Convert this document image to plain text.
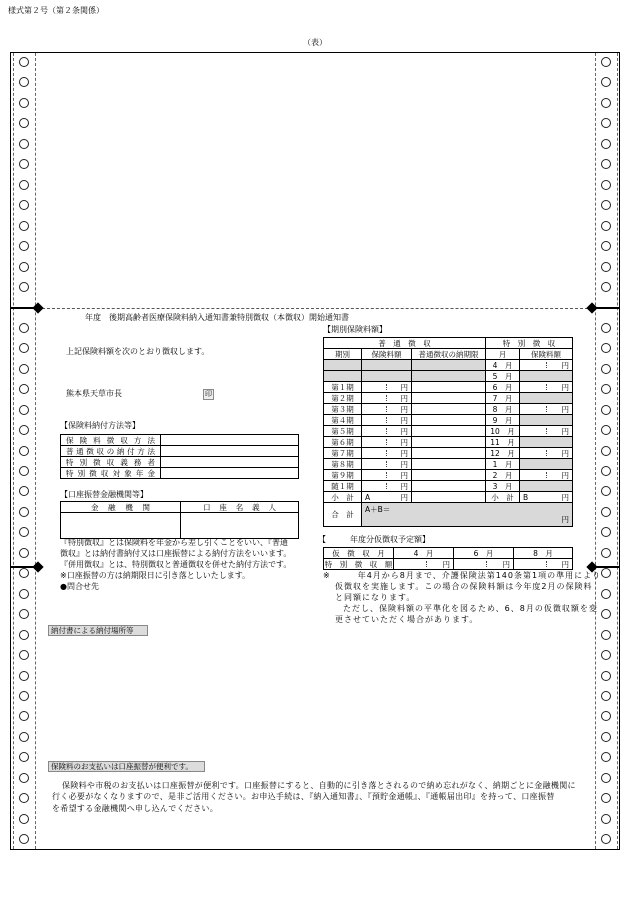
様式第２号（第２条関係）
（表）
年度　後期高齢者医療保険料納入通知書兼特別徴収（本徴収）開始通知書
上記保険料額を次のとおり徴収します。
熊本県天草市長	印
【保険料納付方法等】
保険料徴収方法	
普通徴収の納付方法	
特別徴収義務者	
特別徴収対象年金	
【口座振替金融機関等】
金融機関	口座名義人

『特別徴収』とは保険料を年金から差し引くことをいい、『普通
徴収』とは納付書納付又は口座振替による納付方法をいいます。
『併用徴収』とは、特別徴収と普通徴収を併せた納付方法です。
※口座振替の方は納期限日に引き落としいたします。
●問合せ先
納付書による納付場所等
【期別保険料額】
普　通　徴　収			特　別　徴　収	
期別	保険料額	普通徴収の納期限	月	保険料額
			4　月	円
			5　月	
第１期	円		6　月	円
第２期	円		7　月	
第３期	円		8　月	円
第４期	円		9　月	
第５期	円		10　月	円
第６期	円		11　月	
第７期	円		12　月	円
第８期	円		1　月	
第９期	円		2　月	円
随１期	円		3　月	
小　計	A 円		小　計	B 円
合　計	A＋B＝
円			
【　　　年度分仮徴収予定額】
仮　徴　収　月	4　月	6　月	8　月
特　別　徴　収　額	円	円	円
※　　　年4月から8月まで、介護保険法第140条第1項の準用により
仮徴収を実施します。この場合の保険料額は今年度2月の保険料
と同額になります。
ただし、保険料額の平準化を図るため、6、8月の仮徴収額を変
更させていただく場合があります。
保険料のお支払いは口座振替が便利です。
保険料や市税のお支払いは口座振替が便利です。口座振替にすると、自動的に引き落とされるので納め忘れがなく、納期ごとに金融機関に
行く必要がなくなりますので、是非ご活用ください。お申込手続は、『納入通知書』、『預貯金通帳』、『通帳届出印』を持って、口座振替
を希望する金融機関へ申し込んでください。
